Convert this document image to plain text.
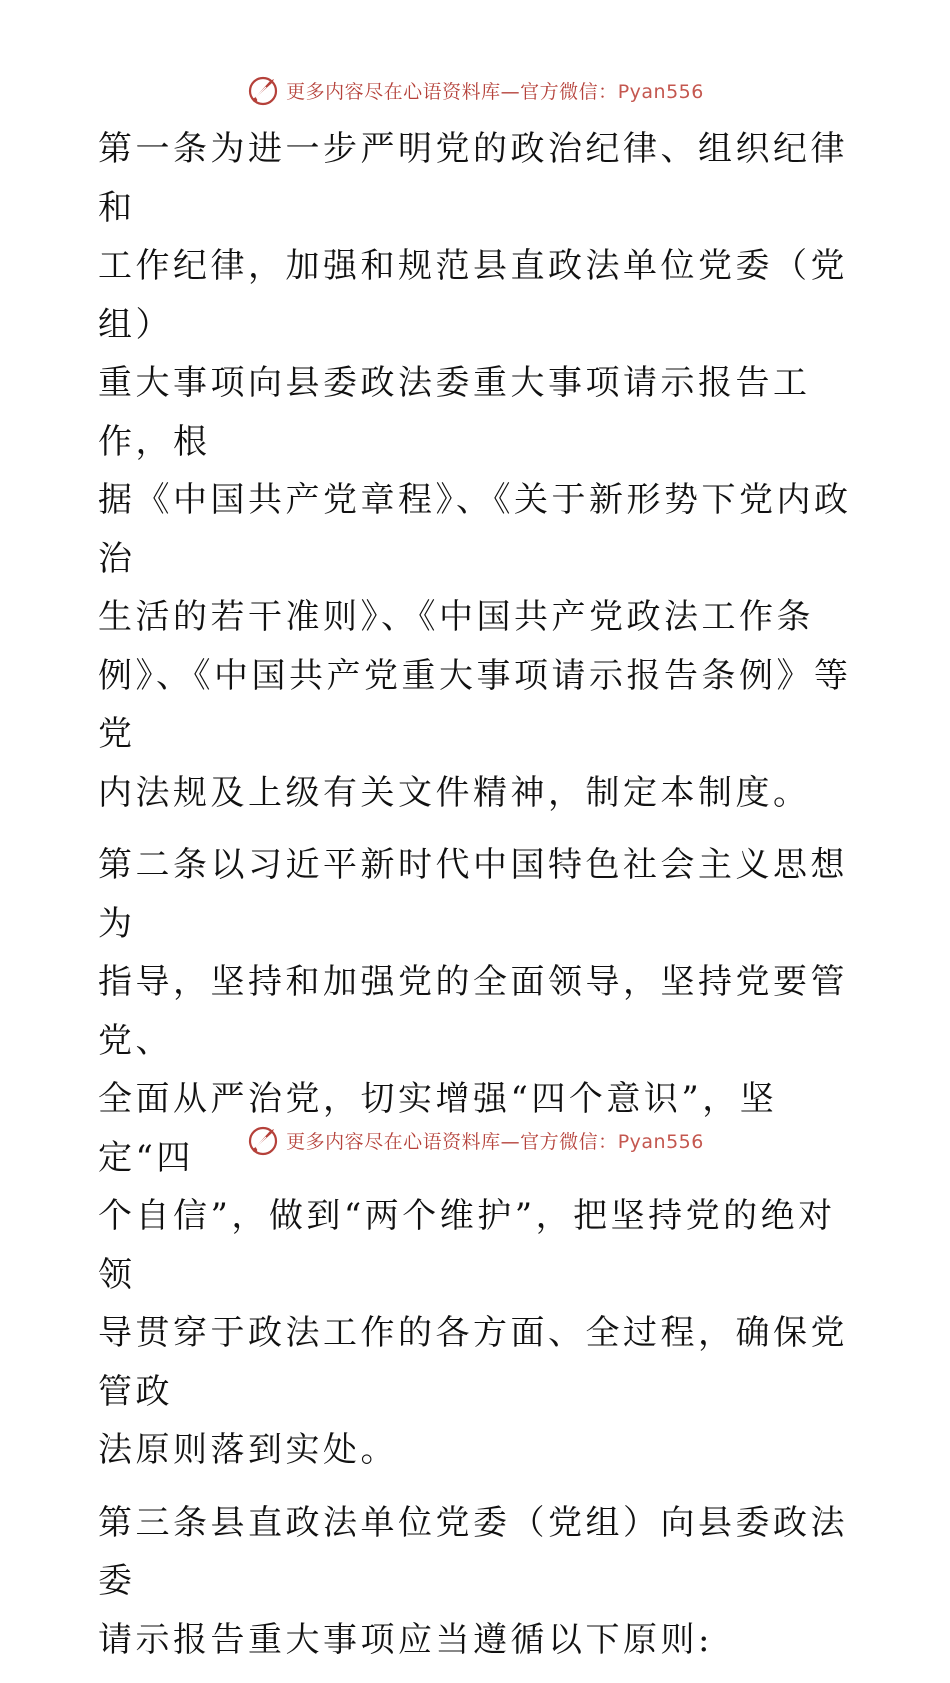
更多内容尽在心语资料库—官方微信：Pyan556

第一条为进一步严明党的政治纪律、组织纪律和
工作纪律，加强和规范县直政法单位党委（党组）
重大事项向县委政法委重大事项请示报告工作，根
据《中国共产党章程》、《关于新形势下党内政治
生活的若干准则》、《中国共产党政法工作条
例》、《中国共产党重大事项请示报告条例》等党
内法规及上级有关文件精神，制定本制度。

第二条以习近平新时代中国特色社会主义思想为
指导，坚持和加强党的全面领导，坚持党要管党、
全面从严治党，切实增强“四个意识”，坚定“四
个自信”，做到“两个维护”，把坚持党的绝对领
导贯穿于政法工作的各方面、全过程，确保党管政
法原则落到实处。

第三条县直政法单位党委（党组）向县委政法委
请示报告重大事项应当遵循以下原则:

更多内容尽在心语资料库—官方微信：Pyan556
